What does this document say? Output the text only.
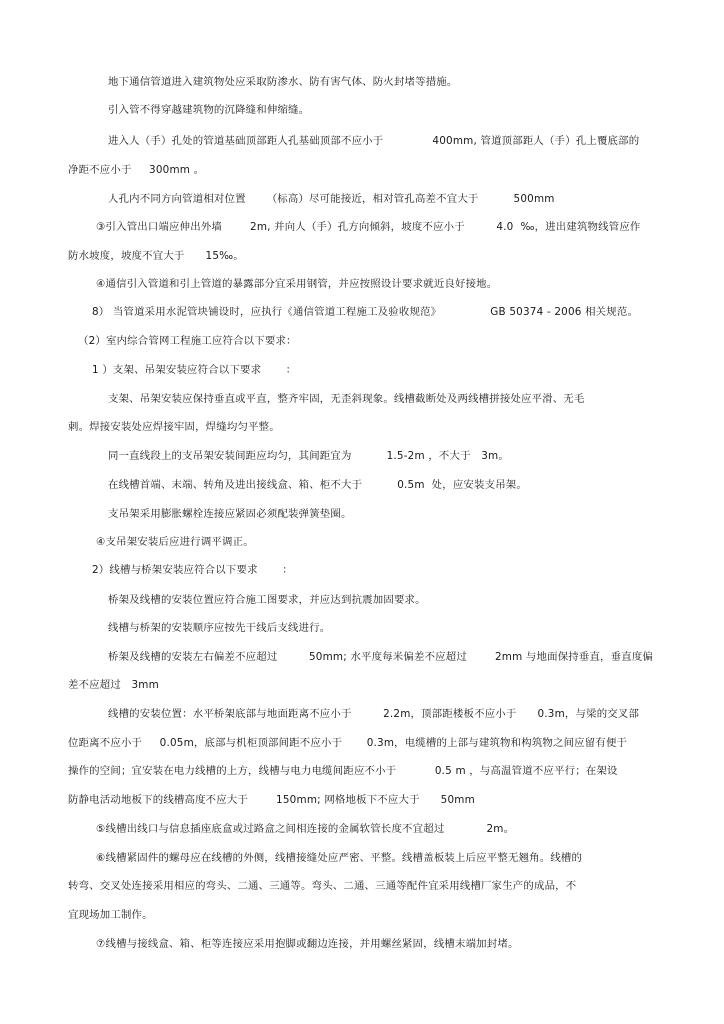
地下通信管道进入建筑物处应采取防渗水、防有害气体、防火封堵等措施。
引入管不得穿越建筑物的沉降缝和伸缩缝。
进入人（手）孔处的管道基础顶部距人孔基础顶部不应小于              400mm, 管道顶部距人（手）孔上覆底部的
净距不应小于     300mm 。
人孔内不同方向管道相对位置      （标高）尽可能接近，相对管孔高差不宜大于          500mm
③引入管出口端应伸出外墙        2m, 并向人（手）孔方向倾斜，坡度不应小于         4.0  ‰，进出建筑物线管应作
防水坡度，坡度不宜大于      15‰。
④通信引入管道和引上管道的暴露部分宜采用钢管，并应按照设计要求就近良好接地。
8） 当管道采用水泥管块铺设时，应执行《通信管道工程施工及验收规范》              GB 50374 - 2006 相关规范。
（2）室内综合管网工程施工应符合以下要求：
1 ）支架、吊架安装应符合以下要求       ：
支架、吊架安装应保持垂直或平直，整齐牢固，无歪斜现象。线槽截断处及两线槽拼接处应平滑、无毛
刺。焊接安装处应焊接牢固，焊缝均匀平整。
同一直线段上的支吊架安装间距应均匀，其间距宜为          1.5-2m ，不大于   3m。
在线槽首端、末端、转角及进出接线盒、箱、柜不大于          0.5m  处，应安装支吊架。
支吊架采用膨胀螺栓连接应紧固必须配装弹簧垫圈。
④支吊架安装后应进行调平调正。
2）线槽与桥架安装应符合以下要求       ：
桥架及线槽的安装位置应符合施工图要求，并应达到抗震加固要求。
线槽与桥架的安装顺序应按先干线后支线进行。
桥架及线槽的安装左右偏差不应超过         50mm; 水平度每米偏差不应超过        2mm 与地面保持垂直，垂直度偏
差不应超过   3mm
线槽的安装位置：水平桥架底部与地面距离不应小于         2.2m，顶部距楼板不应小于      0.3m，与梁的交叉部
位距离不应小于     0.05m，底部与机柜顶部间距不应小于       0.3m，电缆槽的上部与建筑物和构筑物之间应留有便于
操作的空间；宜安装在电力线槽的上方，线槽与电力电缆间距应不小于           0.5 m ，与高温管道不应平行；在架设
防静电活动地板下的线槽高度不应大于        150mm; 网格地板下不应大于      50mm
⑤线槽出线口与信息插座底盒或过路盒之间相连接的金属软管长度不宜超过            2m。
⑥线槽紧固件的螺母应在线槽的外侧，线槽接缝处应严密、平整。线槽盖板装上后应平整无翘角。线槽的
转弯、交叉处连接采用相应的弯头、二通、三通等。弯头、二通、三通等配件宜采用线槽厂家生产的成品，不
宜现场加工制作。
⑦线槽与接线盒、箱、柜等连接应采用抱脚或翻边连接，并用螺丝紧固，线槽末端加封堵。
